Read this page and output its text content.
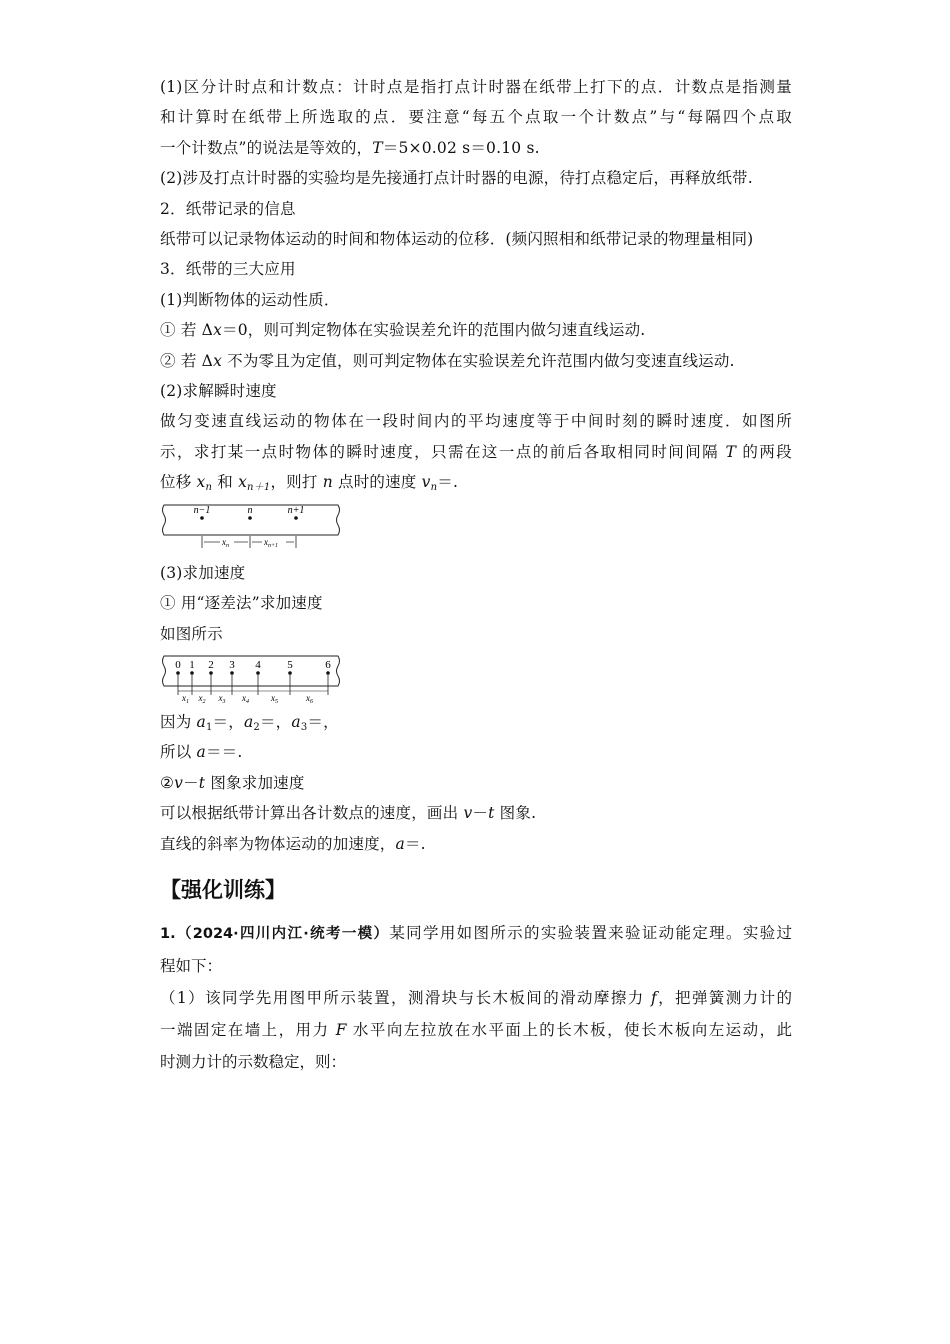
(1)区分计时点和计数点：计时点是指打点计时器在纸带上打下的点．计数点是指测量
和计算时在纸带上所选取的点．要注意“每五个点取一个计数点”与“每隔四个点取
一个计数点”的说法是等效的，T＝5×0.02 s＝0.10 s.
(2)涉及打点计时器的实验均是先接通打点计时器的电源，待打点稳定后，再释放纸带.
2．纸带记录的信息
纸带可以记录物体运动的时间和物体运动的位移．(频闪照相和纸带记录的物理量相同)
3．纸带的三大应用
(1)判断物体的运动性质．
① 若 Δx＝0，则可判定物体在实验误差允许的范围内做匀速直线运动.
② 若 Δx 不为零且为定值，则可判定物体在实验误差允许范围内做匀变速直线运动.
(2)求解瞬时速度
做匀变速直线运动的物体在一段时间内的平均速度等于中间时刻的瞬时速度．如图所
示，求打某一点时物体的瞬时速度，只需在这一点的前后各取相同时间间隔 T 的两段
位移 $x_n$ 和 $x_{n+1}$，则打 n 点时的速度 $v_n=$.
n−1	n	n+1
$x_n$	$x_{n+1}$
(3)求加速度
① 用“逐差法”求加速度
如图所示
0 1 2 3 4 5	6
$x_1$ $x_2$ $x_3$ $x_4$ $x_5$	$x_6$
因为 $a_1=$，$a_2=$，$a_3=$，
所以 a＝＝.
②v－t 图象求加速度
可以根据纸带计算出各计数点的速度，画出 v－t 图象.
直线的斜率为物体运动的加速度，a＝.
【强化训练】
1.（2024·四川内江·统考一模）某同学用如图所示的实验装置来验证动能定理。实验过
程如下：
（1）该同学先用图甲所示装置，测滑块与长木板间的滑动摩擦力 f，把弹簧测力计的
一端固定在墙上，用力 F 水平向左拉放在水平面上的长木板，使长木板向左运动，此
时测力计的示数稳定，则：
